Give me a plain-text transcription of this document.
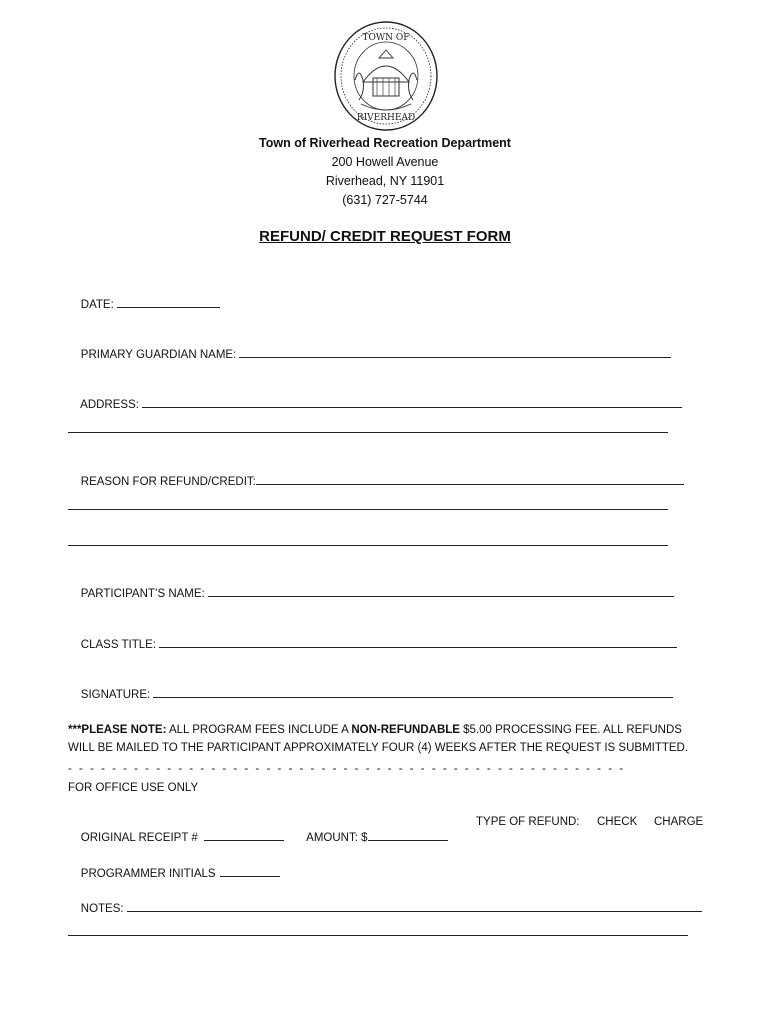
TOWN OF
RIVERHEAD
Town of Riverhead Recreation Department
200 Howell Avenue
Riverhead, NY 11901
(631) 727-5744
REFUND/ CREDIT REQUEST FORM

DATE:

PRIMARY GUARDIAN NAME:

ADDRESS:

REASON FOR REFUND/CREDIT:

PARTICIPANT’S NAME:

CLASS TITLE:

SIGNATURE:

***PLEASE NOTE: ALL PROGRAM FEES INCLUDE A NON-REFUNDABLE $5.00 PROCESSING FEE. ALL REFUNDS WILL BE MAILED TO THE PARTICIPANT APPROXIMATELY FOUR (4) WEEKS AFTER THE REQUEST IS SUBMITTED.
- - - - - - - - - - - - - - - - - - - - - - - - - - - - - - - - - - - - - - - - - - - - - - - - - - -
FOR OFFICE USE ONLY

ORIGINAL RECEIPT #
	AMOUNT: $

TYPE OF REFUND: CHECK CHARGE

PROGRAMMER INITIALS

NOTES:
